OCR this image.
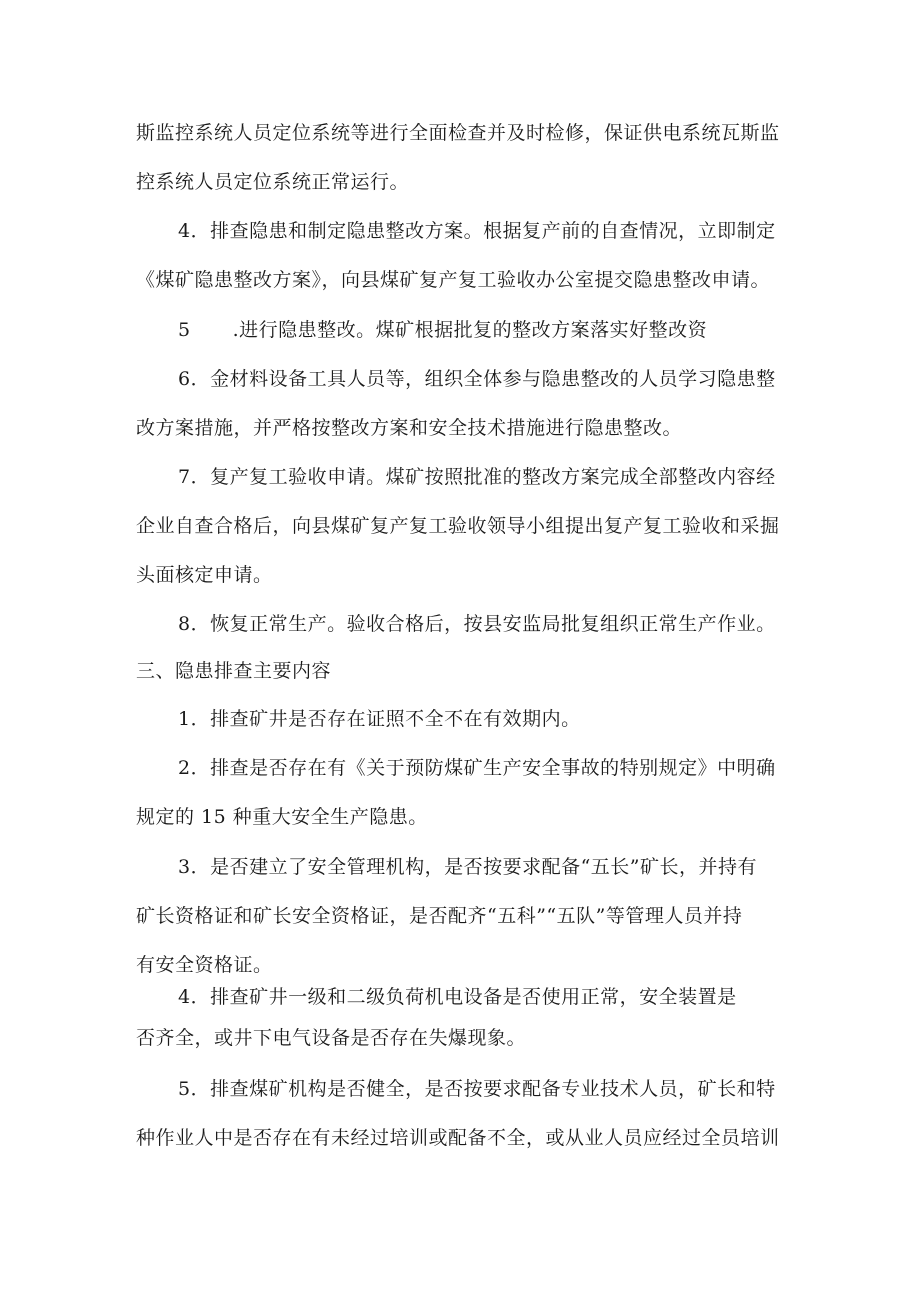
斯监控系统人员定位系统等进行全面检查并及时检修，保证供电系统瓦斯监
控系统人员定位系统正常运行。
4．排查隐患和制定隐患整改方案。根据复产前的自查情况，立即制定
《煤矿隐患整改方案》，向县煤矿复产复工验收办公室提交隐患整改申请。
5 .进行隐患整改。煤矿根据批复的整改方案落实好整改资
6．金材料设备工具人员等，组织全体参与隐患整改的人员学习隐患整
改方案措施，并严格按整改方案和安全技术措施进行隐患整改。
7．复产复工验收申请。煤矿按照批准的整改方案完成全部整改内容经
企业自查合格后，向县煤矿复产复工验收领导小组提出复产复工验收和采掘
头面核定申请。
8．恢复正常生产。验收合格后，按县安监局批复组织正常生产作业。
三、隐患排查主要内容
1．排查矿井是否存在证照不全不在有效期内。
2．排查是否存在有《关于预防煤矿生产安全事故的特别规定》中明确
规定的 15 种重大安全生产隐患。
3．是否建立了安全管理机构，是否按要求配备“五长”矿长，并持有
矿长资格证和矿长安全资格证，是否配齐“五科”“五队”等管理人员并持
有安全资格证。
4．排查矿井一级和二级负荷机电设备是否使用正常，安全装置是
否齐全，或井下电气设备是否存在失爆现象。
5．排查煤矿机构是否健全，是否按要求配备专业技术人员，矿长和特
种作业人中是否存在有未经过培训或配备不全，或从业人员应经过全员培训
